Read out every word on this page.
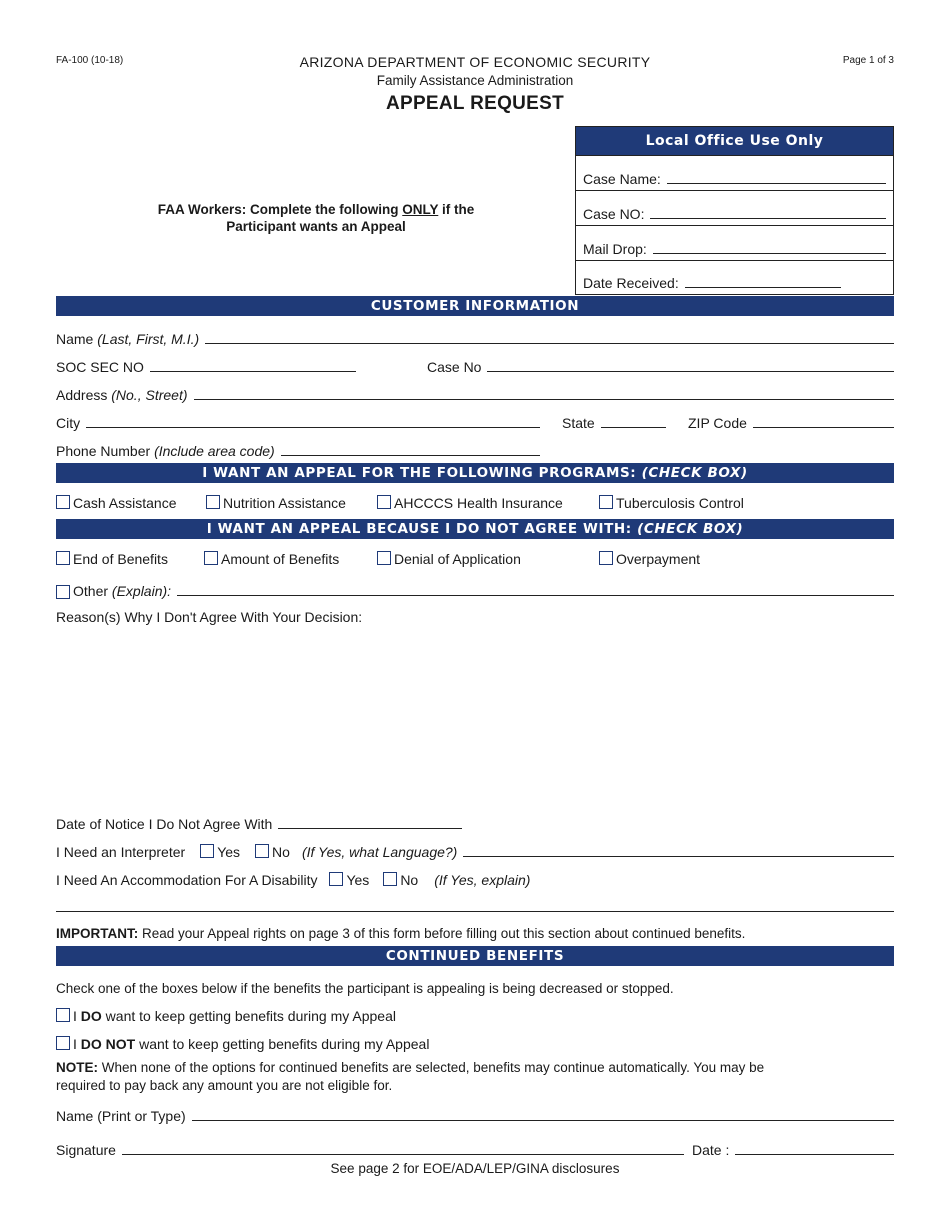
FA-100 (10-18)	Page 1 of 3
ARIZONA DEPARTMENT OF ECONOMIC SECURITY
Family Assistance Administration
APPEAL REQUEST
FAA Workers: Complete the following ONLY if the
Participant wants an Appeal
Local Office Use Only
Case Name:
Case NO:
Mail Drop:
Date Received:
CUSTOMER INFORMATION
Name
(Last, First, M.I.)
SOC SEC NO	Case No
Address
(No., Street)
City	State	ZIP Code
Phone Number
(Include area code)
I WANT AN APPEAL FOR THE FOLLOWING PROGRAMS: (CHECK BOX)
Cash Assistance	Nutrition Assistance	AHCCCS Health Insurance	Tuberculosis Control
I WANT AN APPEAL BECAUSE I DO NOT AGREE WITH: (CHECK BOX)
End of Benefits	Amount of Benefits	Denial of Application	Overpayment
Other
(Explain):
Reason(s) Why I Don't Agree With Your Decision:
Date of Notice I Do Not Agree With
I Need an Interpreter	Yes	No (If Yes, what Language?)
I Need An Accommodation For A Disability	Yes	No (If Yes, explain)
IMPORTANT: Read your Appeal rights on page 3 of this form before filling out this section about continued benefits.
CONTINUED BENEFITS
Check one of the boxes below if the benefits the participant is appealing is being decreased or stopped.
I DO want to keep getting benefits during my Appeal
I DO NOT want to keep getting benefits during my Appeal
NOTE: When none of the options for continued benefits are selected, benefits may continue automatically. You may be
required to pay back any amount you are not eligible for.
Name (Print or Type)
Signature	Date :
See page 2 for EOE/ADA/LEP/GINA disclosures
